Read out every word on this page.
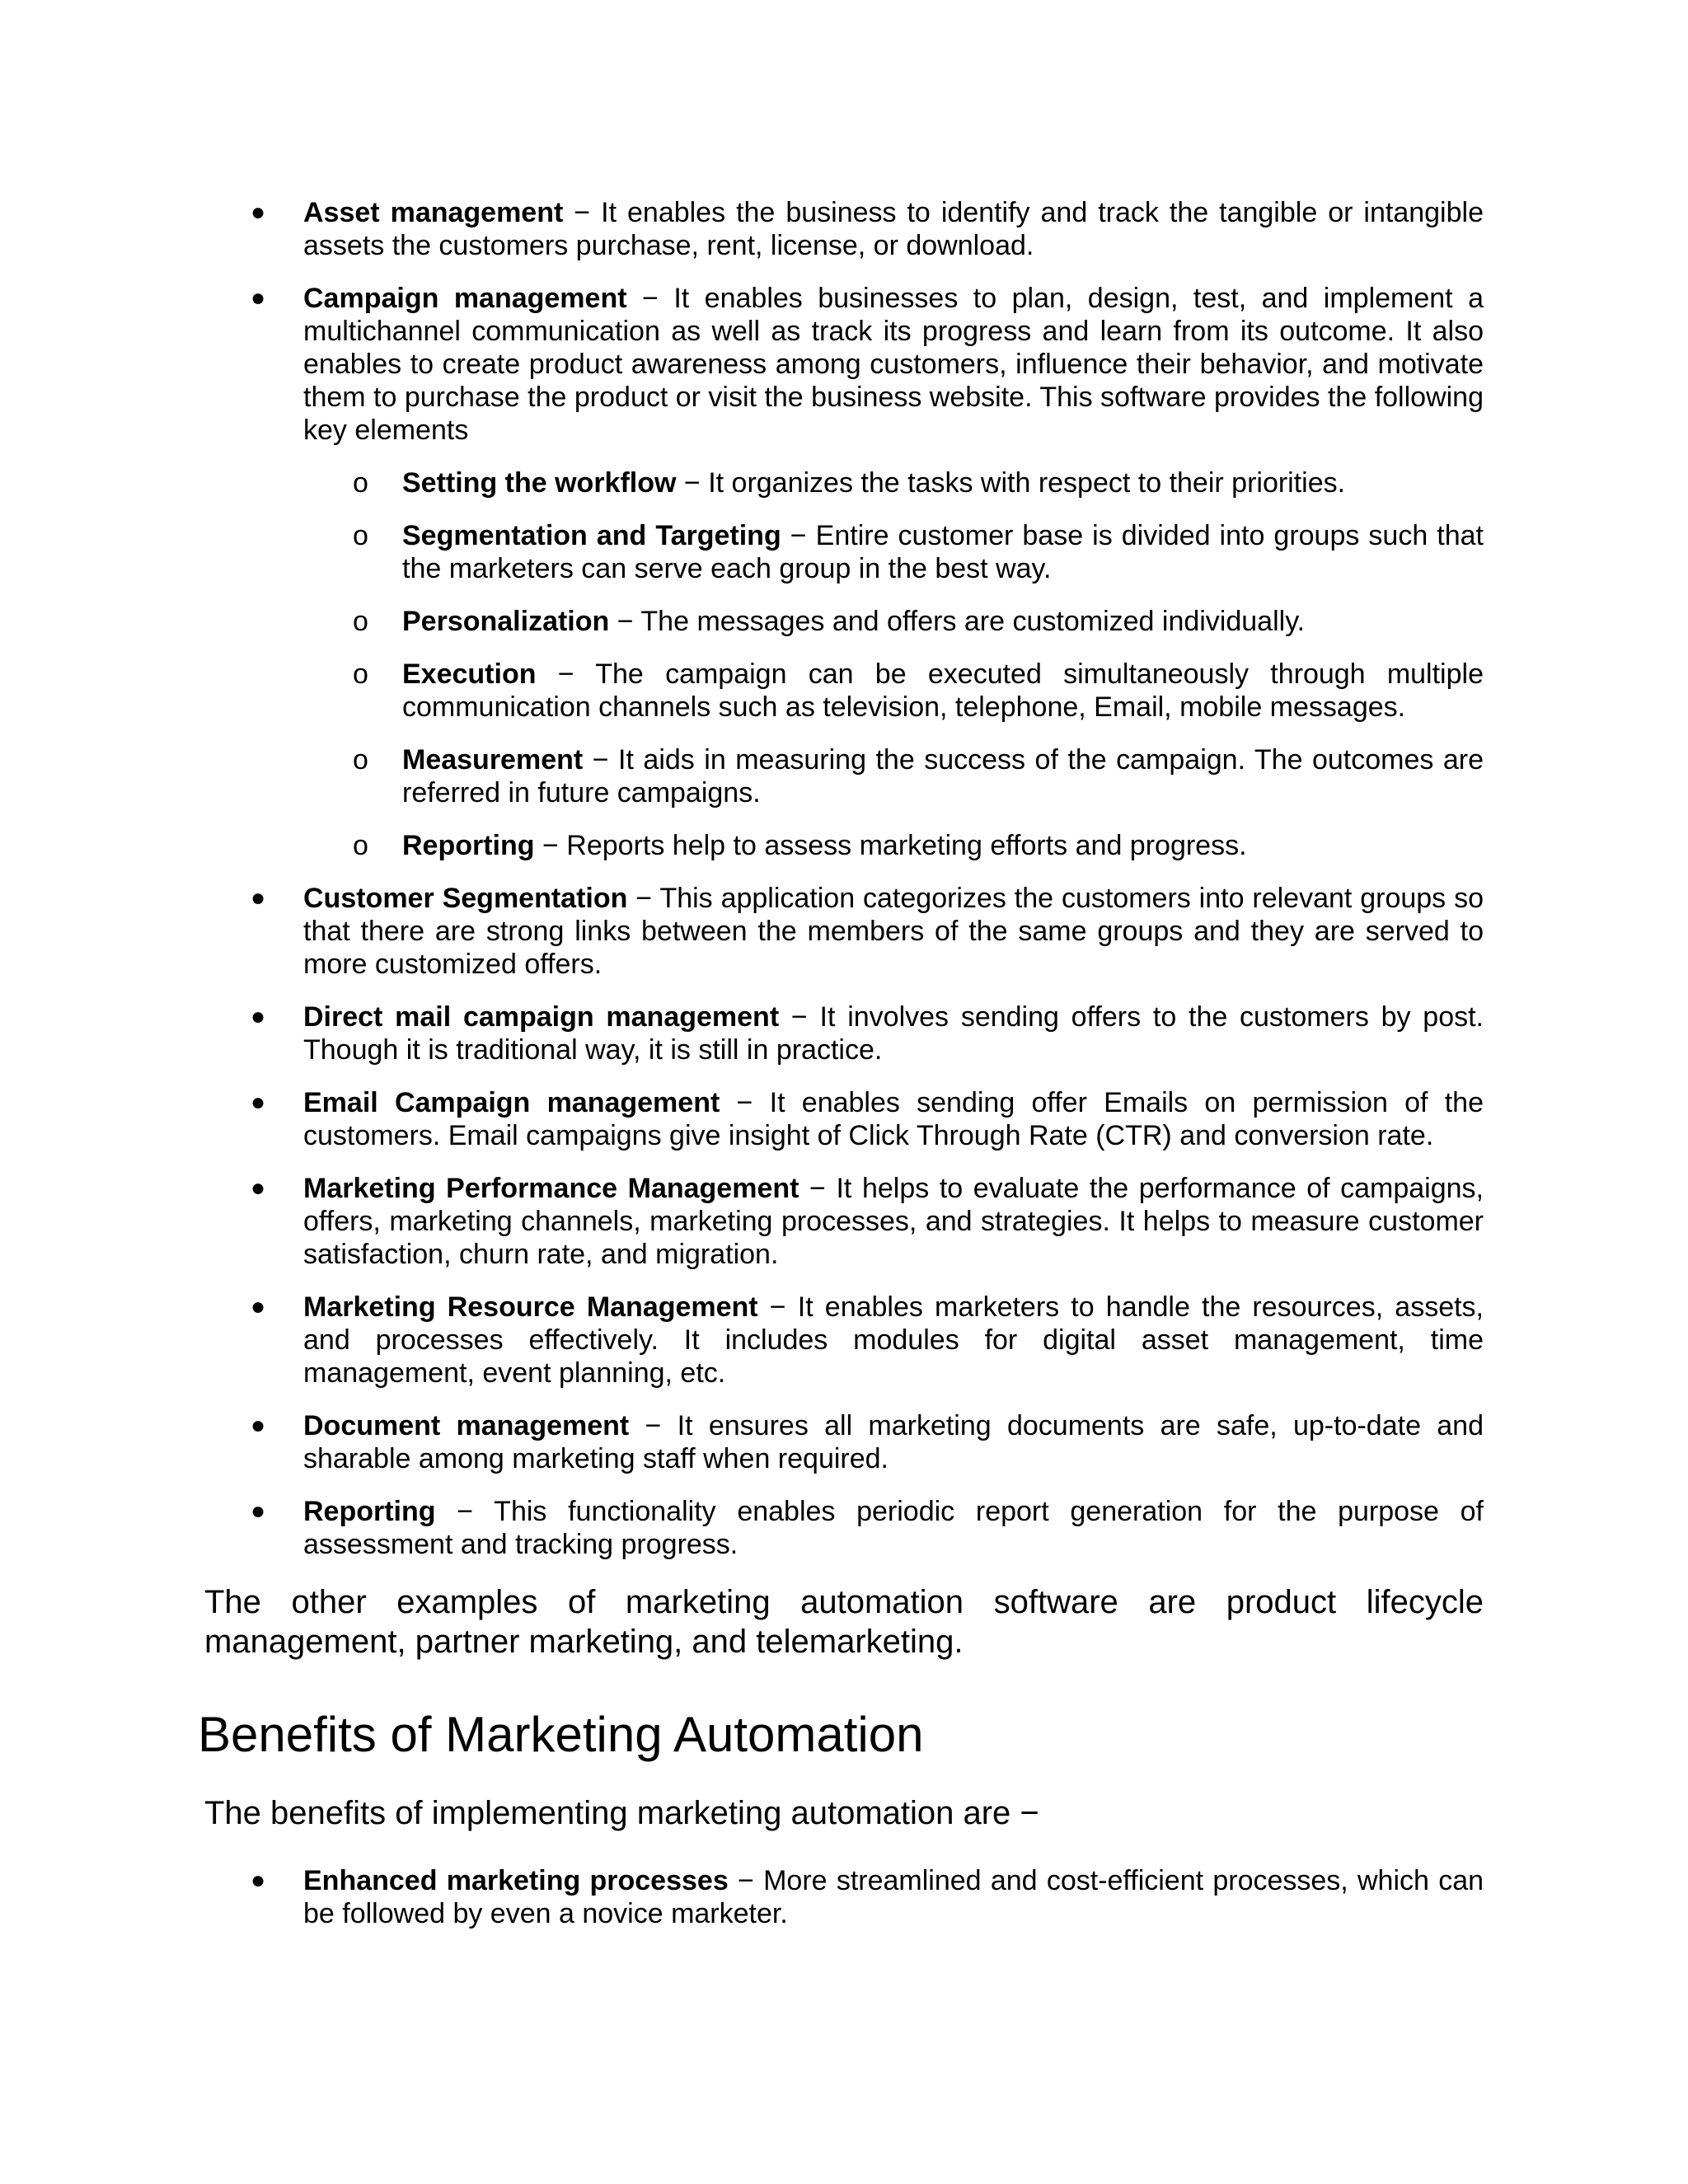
● Asset management − It enables the business to identify and track the tangible or intangible assets the customers purchase, rent, license, or download.
● Campaign management − It enables businesses to plan, design, test, and implement a multichannel communication as well as track its progress and learn from its outcome. It also enables to create product awareness among customers, influence their behavior, and motivate them to purchase the product or visit the business website. This software provides the following key elements
o Setting the workflow − It organizes the tasks with respect to their priorities.
o Segmentation and Targeting − Entire customer base is divided into groups such that the marketers can serve each group in the best way.
o Personalization − The messages and offers are customized individually.
o Execution − The campaign can be executed simultaneously through multiple communication channels such as television, telephone, Email, mobile messages.
o Measurement − It aids in measuring the success of the campaign. The outcomes are referred in future campaigns.
o Reporting − Reports help to assess marketing efforts and progress.
● Customer Segmentation − This application categorizes the customers into relevant groups so that there are strong links between the members of the same groups and they are served to more customized offers.
● Direct mail campaign management − It involves sending offers to the customers by post. Though it is traditional way, it is still in practice.
● Email Campaign management − It enables sending offer Emails on permission of the customers. Email campaigns give insight of Click Through Rate (CTR) and conversion rate.
● Marketing Performance Management − It helps to evaluate the performance of campaigns, offers, marketing channels, marketing processes, and strategies. It helps to measure customer satisfaction, churn rate, and migration.
● Marketing Resource Management − It enables marketers to handle the resources, assets, and processes effectively. It includes modules for digital asset management, time management, event planning, etc.
● Document management − It ensures all marketing documents are safe, up-to-date and sharable among marketing staff when required.
● Reporting − This functionality enables periodic report generation for the purpose of assessment and tracking progress.

The other examples of marketing automation software are product lifecycle management, partner marketing, and telemarketing.

Benefits of Marketing Automation

The benefits of implementing marketing automation are −

● Enhanced marketing processes − More streamlined and cost-efficient processes, which can be followed by even a novice marketer.
